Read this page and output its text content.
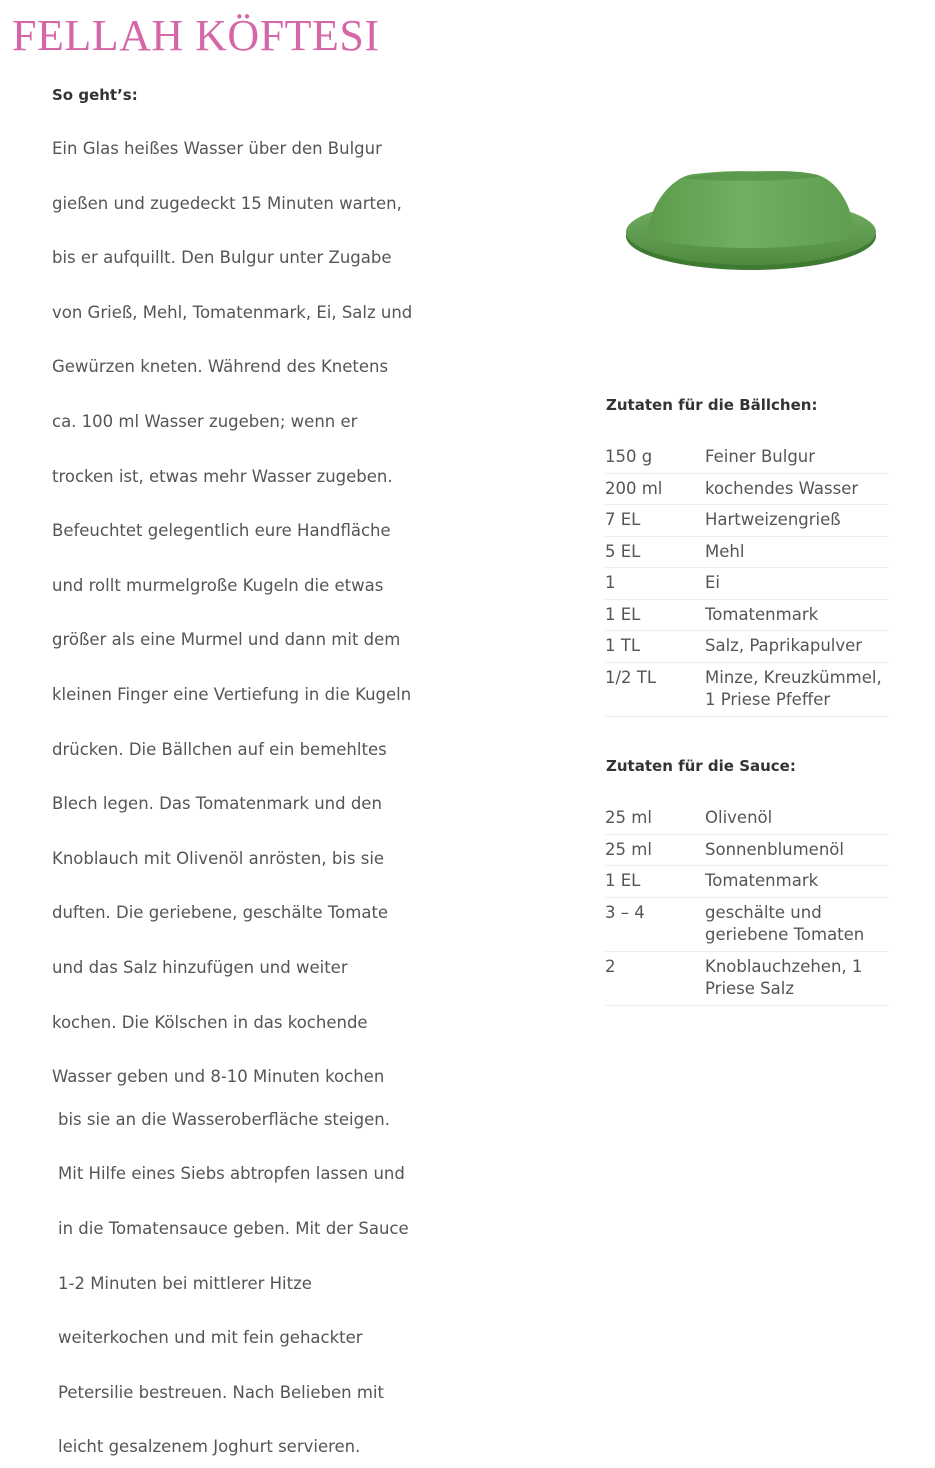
FELLAH KÖFTESI

So geht’s:

Ein Glas heißes Wasser über den Bulgur
gießen und zugedeckt 15 Minuten warten,
bis er aufquillt. Den Bulgur unter Zugabe
von Grieß, Mehl, Tomatenmark, Ei, Salz und
Gewürzen kneten. Während des Knetens
ca. 100 ml Wasser zugeben; wenn er
trocken ist, etwas mehr Wasser zugeben.
Befeuchtet gelegentlich eure Handfläche
und rollt murmelgroße Kugeln die etwas
größer als eine Murmel und dann mit dem
kleinen Finger eine Vertiefung in die Kugeln
drücken. Die Bällchen auf ein bemehltes
Blech legen. Das Tomatenmark und den
Knoblauch mit Olivenöl anrösten, bis sie
duften. Die geriebene, geschälte Tomate
und das Salz hinzufügen und weiter
kochen. Die Kölschen in das kochende
Wasser geben und 8-10 Minuten kochen
bis sie an die Wasseroberfläche steigen.
Mit Hilfe eines Siebs abtropfen lassen und
in die Tomatensauce geben. Mit der Sauce
1-2 Minuten bei mittlerer Hitze
weiterkochen und mit fein gehackter
Petersilie bestreuen. Nach Belieben mit
leicht gesalzenem Joghurt servieren.

Zutaten für die Bällchen:

150 g	Feiner Bulgur
200 ml	kochendes Wasser
7 EL	Hartweizengrieß
5 EL	Mehl
1	Ei
1 EL	Tomatenmark
1 TL	Salz, Paprikapulver
1/2 TL	Minze, Kreuzkümmel, 1 Priese Pfeffer

Zutaten für die Sauce:

25 ml	Olivenöl
25 ml	Sonnenblumenöl
1 EL	Tomatenmark
3 – 4	geschälte und geriebene Tomaten
2	Knoblauchzehen, 1 Priese Salz
